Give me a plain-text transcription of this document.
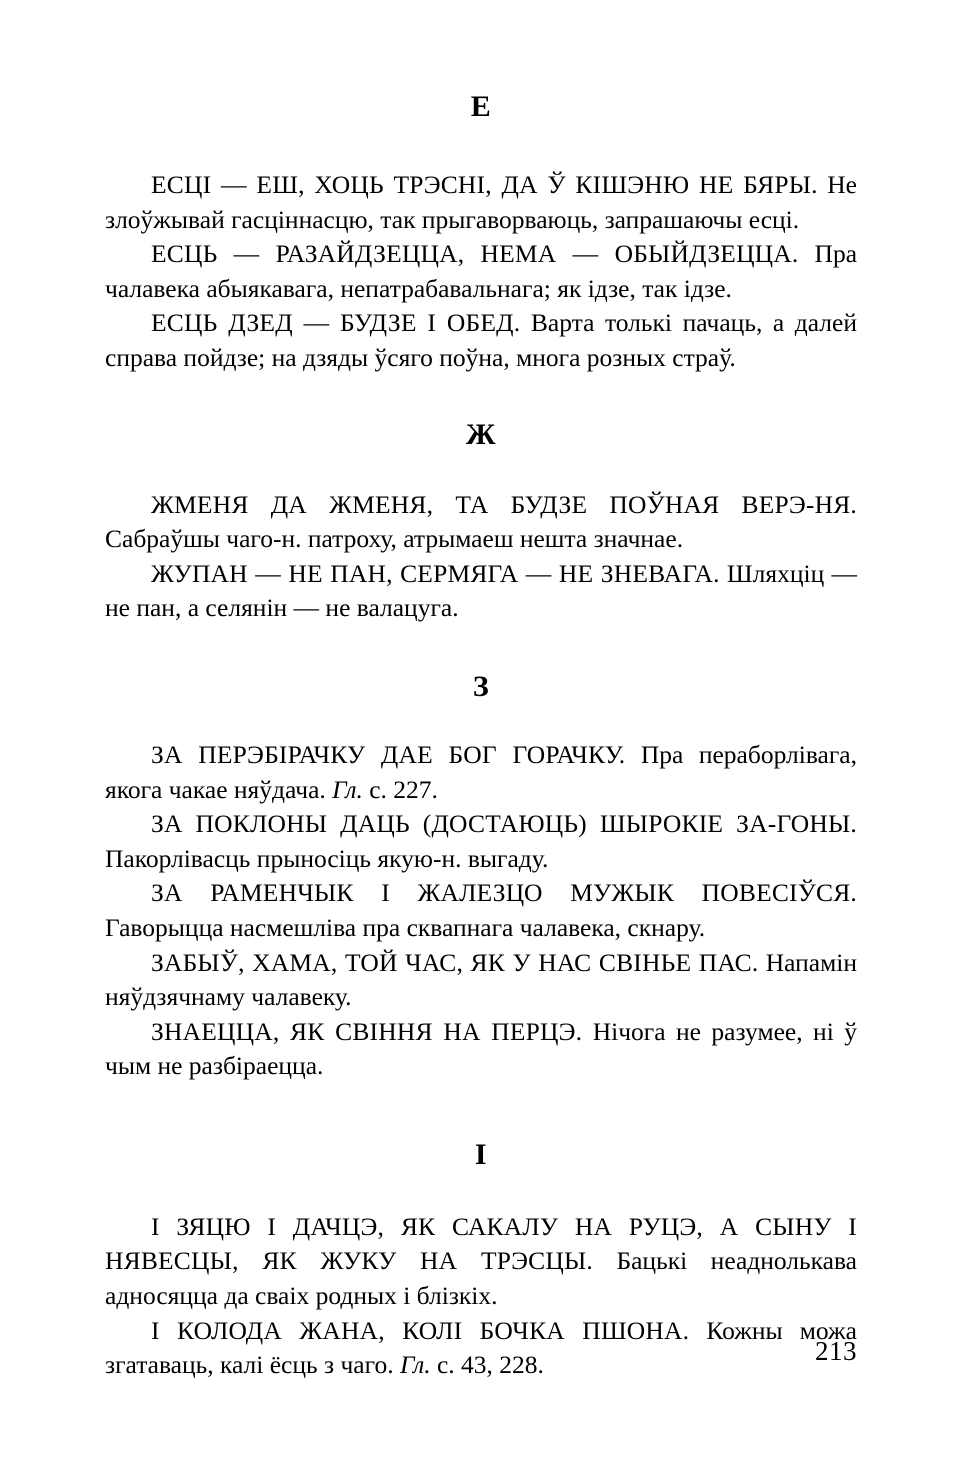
Е

ЕСЦІ — ЕШ, ХОЦЬ ТРЭСНІ, ДА Ў КІШЭНЮ НЕ БЯРЫ. Не злоўжывай гасціннасцю, так прыгаворваюць, запрашаючы есці.

ЕСЦЬ — РАЗАЙДЗЕЦЦА, НЕМА — ОБЫЙДЗЕЦЦА. Пра чалавека абыякавага, непатрабавальнага; як ідзе, так ідзе.

ЕСЦЬ ДЗЕД — БУДЗЕ І ОБЕД. Варта толькі пачаць, а далей справа пойдзе; на дзяды ўсяго поўна, многа розных страў.

Ж

ЖМЕНЯ ДА ЖМЕНЯ, ТА БУДЗЕ ПОЎНАЯ ВЕРЭ-НЯ. Сабраўшы чаго-н. патроху, атрымаеш нешта значнае.

ЖУПАН — НЕ ПАН, СЕРМЯГА — НЕ ЗНЕВАГА. Шляхціц — не пан, а селянін — не валацуга.

З

ЗА ПЕРЭБІРАЧКУ ДАЕ БОГ ГОРАЧКУ. Пра пераборлівага, якога чакае няўдача. Гл. с. 227.

ЗА ПОКЛОНЫ ДАЦЬ (ДОСТАЮЦЬ) ШЫРОКІЕ ЗА-ГОНЫ. Пакорлівасць прыносіць якую-н. выгаду.

ЗА РАМЕНЧЫК І ЖАЛЕЗЦО МУЖЫК ПОВЕСІЎСЯ. Гаворыцца насмешліва пра сквапнага чалавека, скнару.

ЗАБЫЎ, ХАМА, ТОЙ ЧАС, ЯК У НАС СВІНЬЕ ПАС. Напамін няўдзячнаму чалавеку.

ЗНАЕЦЦА, ЯК СВІННЯ НА ПЕРЦЭ. Нічога не разумее, ні ў чым не разбіраецца.

І

І ЗЯЦЮ І ДАЧЦЭ, ЯК САКАЛУ НА РУЦЭ, А СЫНУ І НЯВЕСЦЫ, ЯК ЖУКУ НА ТРЭСЦЫ. Бацькі неаднолькава адносяцца да сваіх родных і блізкіх.

І КОЛОДА ЖАНА, КОЛІ БОЧКА ПШОНА. Кожны можа згатаваць, калі ёсць з чаго. Гл. с. 43, 228.	213
